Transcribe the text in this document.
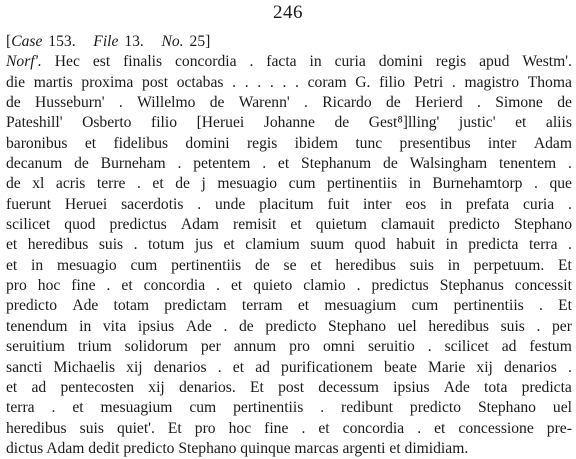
246
[Case 153. File 13. No. 25]
Norf'. Hec est finalis concordia . facta in curia domini regis apud Westm'.
die martis proxima post octabas . . . . . . coram G. filio Petri . magistro Thoma
de Husseburn' . Willelmo de Warenn' . Ricardo de Herierd . Simone de
Pateshill' Osberto filio [Heruei Johanne de Gest⁸]lling' justic' et aliis
baronibus et fidelibus domini regis ibidem tunc presentibus inter Adam
decanum de Burneham . petentem . et Stephanum de Walsingham tenentem .
de xl acris terre . et de j mesuagio cum pertinentiis in Burnehamtorp . que
fuerunt Heruei sacerdotis . unde placitum fuit inter eos in prefata curia .
scilicet quod predictus Adam remisit et quietum clamauit predicto Stephano
et heredibus suis . totum jus et clamium suum quod habuit in predicta terra .
et in mesuagio cum pertinentiis de se et heredibus suis in perpetuum. Et
pro hoc fine . et concordia . et quieto clamio . predictus Stephanus concessit
predicto Ade totam predictam terram et mesuagium cum pertinentiis . Et
tenendum in vita ipsius Ade . de predicto Stephano uel heredibus suis . per
seruitium trium solidorum per annum pro omni seruitio . scilicet ad festum
sancti Michaelis xij denarios . et ad purificationem beate Marie xij denarios .
et ad pentecosten xij denarios. Et post decessum ipsius Ade tota predicta
terra . et mesuagium cum pertinentiis . redibunt predicto Stephano uel
heredibus suis quiet'. Et pro hoc fine . et concordia . et concessione pre-
dictus Adam dedit predicto Stephano quinque marcas argenti et dimidiam.
